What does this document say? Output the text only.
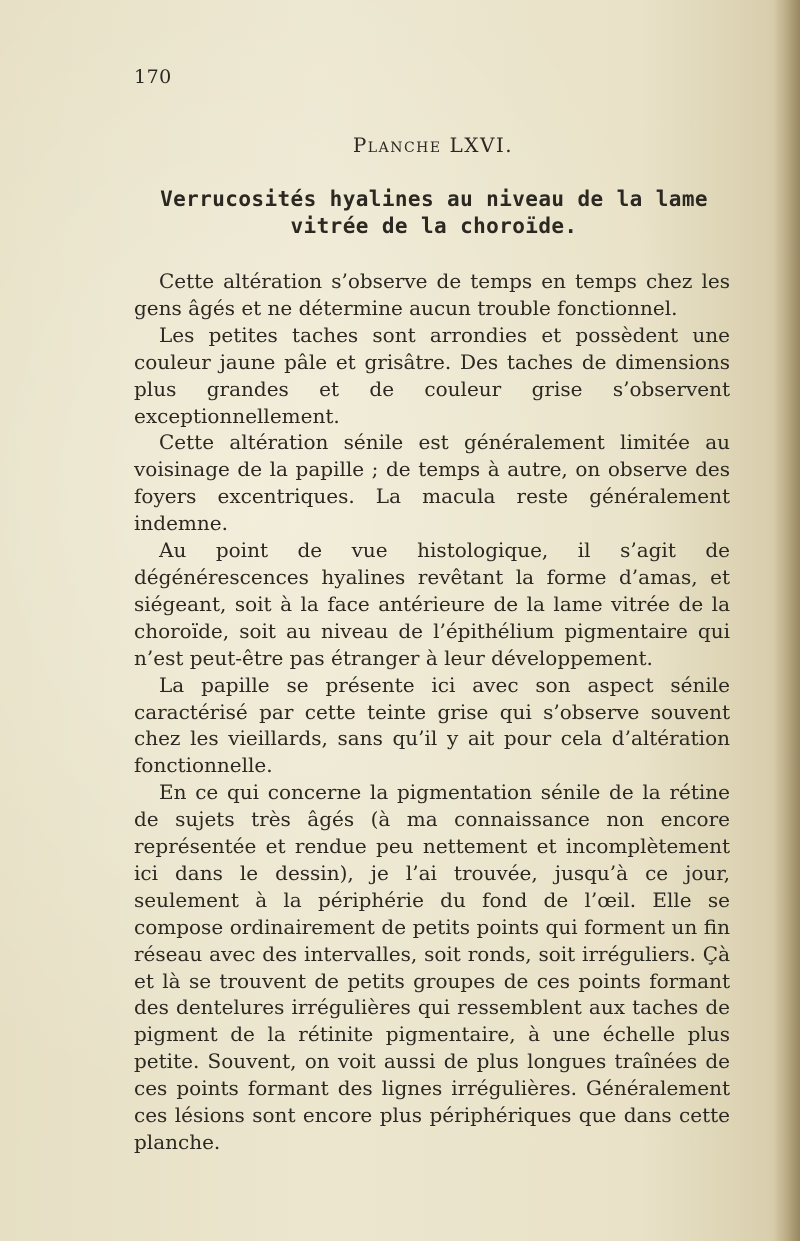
170
Planche LXVI.
Verrucosités hyalines au niveau de la lame vitrée de la choroïde.

Cette altération s’observe de temps en temps chez les gens âgés et ne détermine aucun trouble fonctionnel.

Les petites taches sont arrondies et possèdent une couleur jaune pâle et grisâtre. Des taches de dimensions plus grandes et de couleur grise s’observent exceptionnellement.

Cette altération sénile est généralement limitée au voisinage de la papille ; de temps à autre, on observe des foyers excentriques. La macula reste généralement indemne.

Au point de vue histologique, il s’agit de dégénérescences hyalines revêtant la forme d’amas, et siégeant, soit à la face antérieure de la lame vitrée de la choroïde, soit au niveau de l’épithélium pigmentaire qui n’est peut-être pas étranger à leur développement.

La papille se présente ici avec son aspect sénile caractérisé par cette teinte grise qui s’observe souvent chez les vieillards, sans qu’il y ait pour cela d’altération fonctionnelle.

En ce qui concerne la pigmentation sénile de la rétine de sujets très âgés (à ma connaissance non encore représentée et rendue peu nettement et incomplètement ici dans le dessin), je l’ai trouvée, jusqu’à ce jour, seulement à la périphérie du fond de l’œil. Elle se compose ordinairement de petits points qui forment un fin réseau avec des intervalles, soit ronds, soit irréguliers. Çà et là se trouvent de petits groupes de ces points formant des dentelures irrégulières qui ressemblent aux taches de pigment de la rétinite pigmentaire, à une échelle plus petite. Souvent, on voit aussi de plus longues traînées de ces points formant des lignes irrégulières. Généralement ces lésions sont encore plus périphériques que dans cette planche.
